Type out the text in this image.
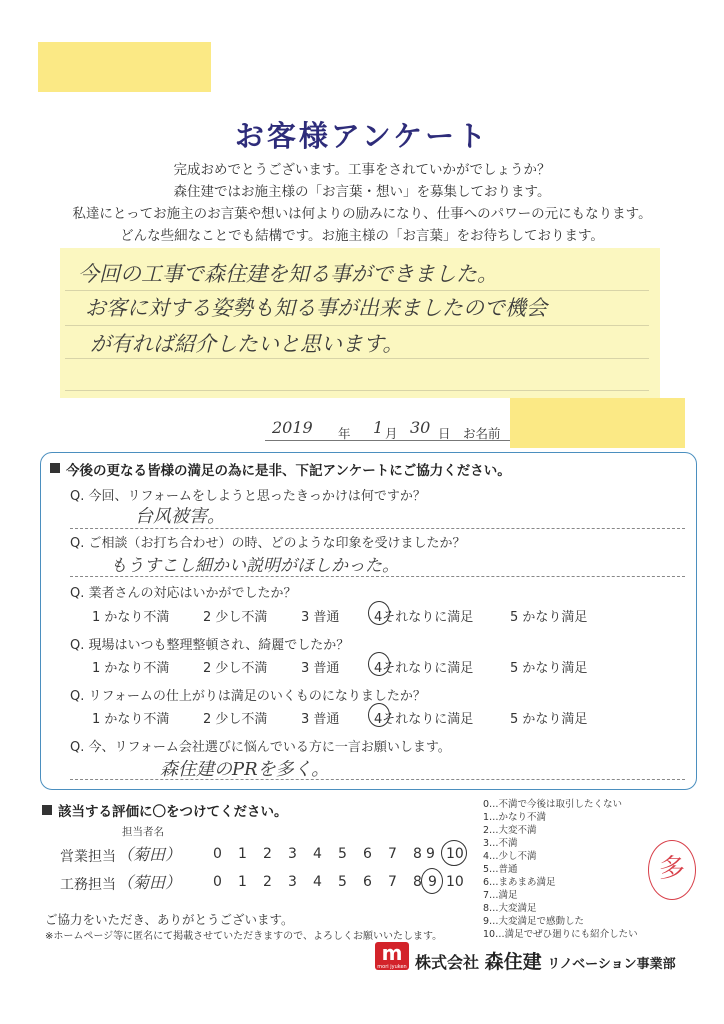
お客様アンケート
完成おめでとうございます。工事をされていかがでしょうか？
森住建ではお施主様の「お言葉・想い」を募集しております。
私達にとってお施主のお言葉や想いは何よりの励みになり、仕事へのパワーの元にもなります。
どんな些細なことでも結構です。お施主様の「お言葉」をお待ちしております。
今回の工事で森住建を知る事ができました。
お客に対する姿勢も知る事が出来ましたので機会
が有れば紹介したいと思います。
2019 年 1 月 30 日 お名前
今後の更なる皆様の満足の為に是非、下記アンケートにご協力ください。
Q. 今回、リフォームをしようと思ったきっかけは何ですか？
台风被害。
Q. ご相談（お打ち合わせ）の時、どのような印象を受けましたか？
もうすこし細かい説明がほしかった。
Q. 業者さんの対応はいかがでしたか？
1 かなり不満	2 少し不満	3 普通	4それなりに満足	5 かなり満足
Q. 現場はいつも整理整頓され、綺麗でしたか？
1 かなり不満	2 少し不満	3 普通	4それなりに満足	5 かなり満足
Q. リフォームの仕上がりは満足のいくものになりましたか？
1 かなり不満	2 少し不満	3 普通	4それなりに満足	5 かなり満足
Q. 今、リフォーム会社選びに悩んでいる方に一言お願いします。
森住建のPRを多く。
該当する評価に〇をつけてください。
担当者名
営業担当 （菊田） 0 1 2 3 4 5 6 7 8 9 10
工務担当 （菊田） 0 1 2 3 4 5 6 7 8 9 10
0…不満で今後は取引したくない
1…かなり不満
2…大変不満
3…不満
4…少し不満
5…普通
6…まあまあ満足
7…満足
8…大変満足
9…大変満足で感動した
10…満足でぜひ廻りにも紹介したい
多
ご協力をいただき、ありがとうございます。
※ホームページ等に匿名にて掲載させていただきますので、よろしくお願いいたします。
m
mori jyuken 株式会社 森住建 リノベーション事業部
